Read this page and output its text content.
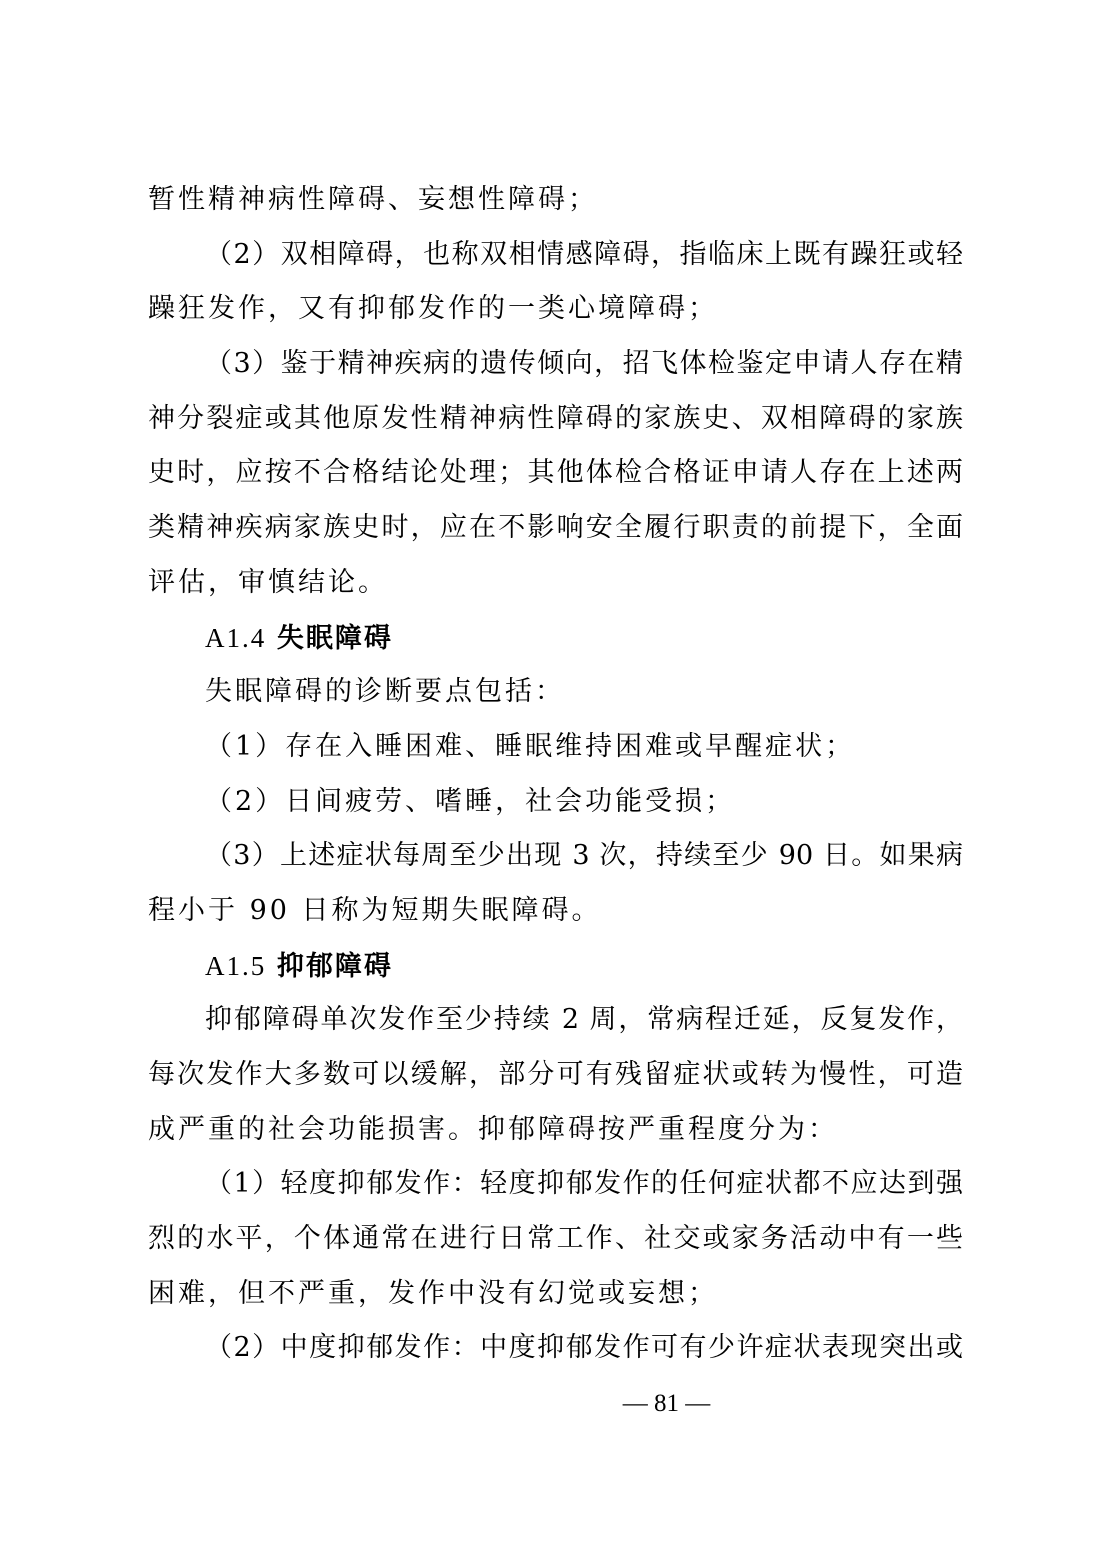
暂性精神病性障碍、妄想性障碍；
（2）双相障碍，也称双相情感障碍，指临床上既有躁狂或轻
躁狂发作，又有抑郁发作的一类心境障碍；
（3）鉴于精神疾病的遗传倾向，招飞体检鉴定申请人存在精
神分裂症或其他原发性精神病性障碍的家族史、双相障碍的家族
史时，应按不合格结论处理；其他体检合格证申请人存在上述两
类精神疾病家族史时，应在不影响安全履行职责的前提下，全面
评估，审慎结论。
A1.4 失眠障碍
失眠障碍的诊断要点包括：
（1）存在入睡困难、睡眠维持困难或早醒症状；
（2）日间疲劳、嗜睡，社会功能受损；
（3）上述症状每周至少出现 3 次，持续至少 90 日。如果病
程小于 90 日称为短期失眠障碍。
A1.5 抑郁障碍
抑郁障碍单次发作至少持续 2 周，常病程迁延，反复发作，
每次发作大多数可以缓解，部分可有残留症状或转为慢性，可造
成严重的社会功能损害。抑郁障碍按严重程度分为：
（1）轻度抑郁发作：轻度抑郁发作的任何症状都不应达到强
烈的水平，个体通常在进行日常工作、社交或家务活动中有一些
困难，但不严重，发作中没有幻觉或妄想；
（2）中度抑郁发作：中度抑郁发作可有少许症状表现突出或
— 81 —
